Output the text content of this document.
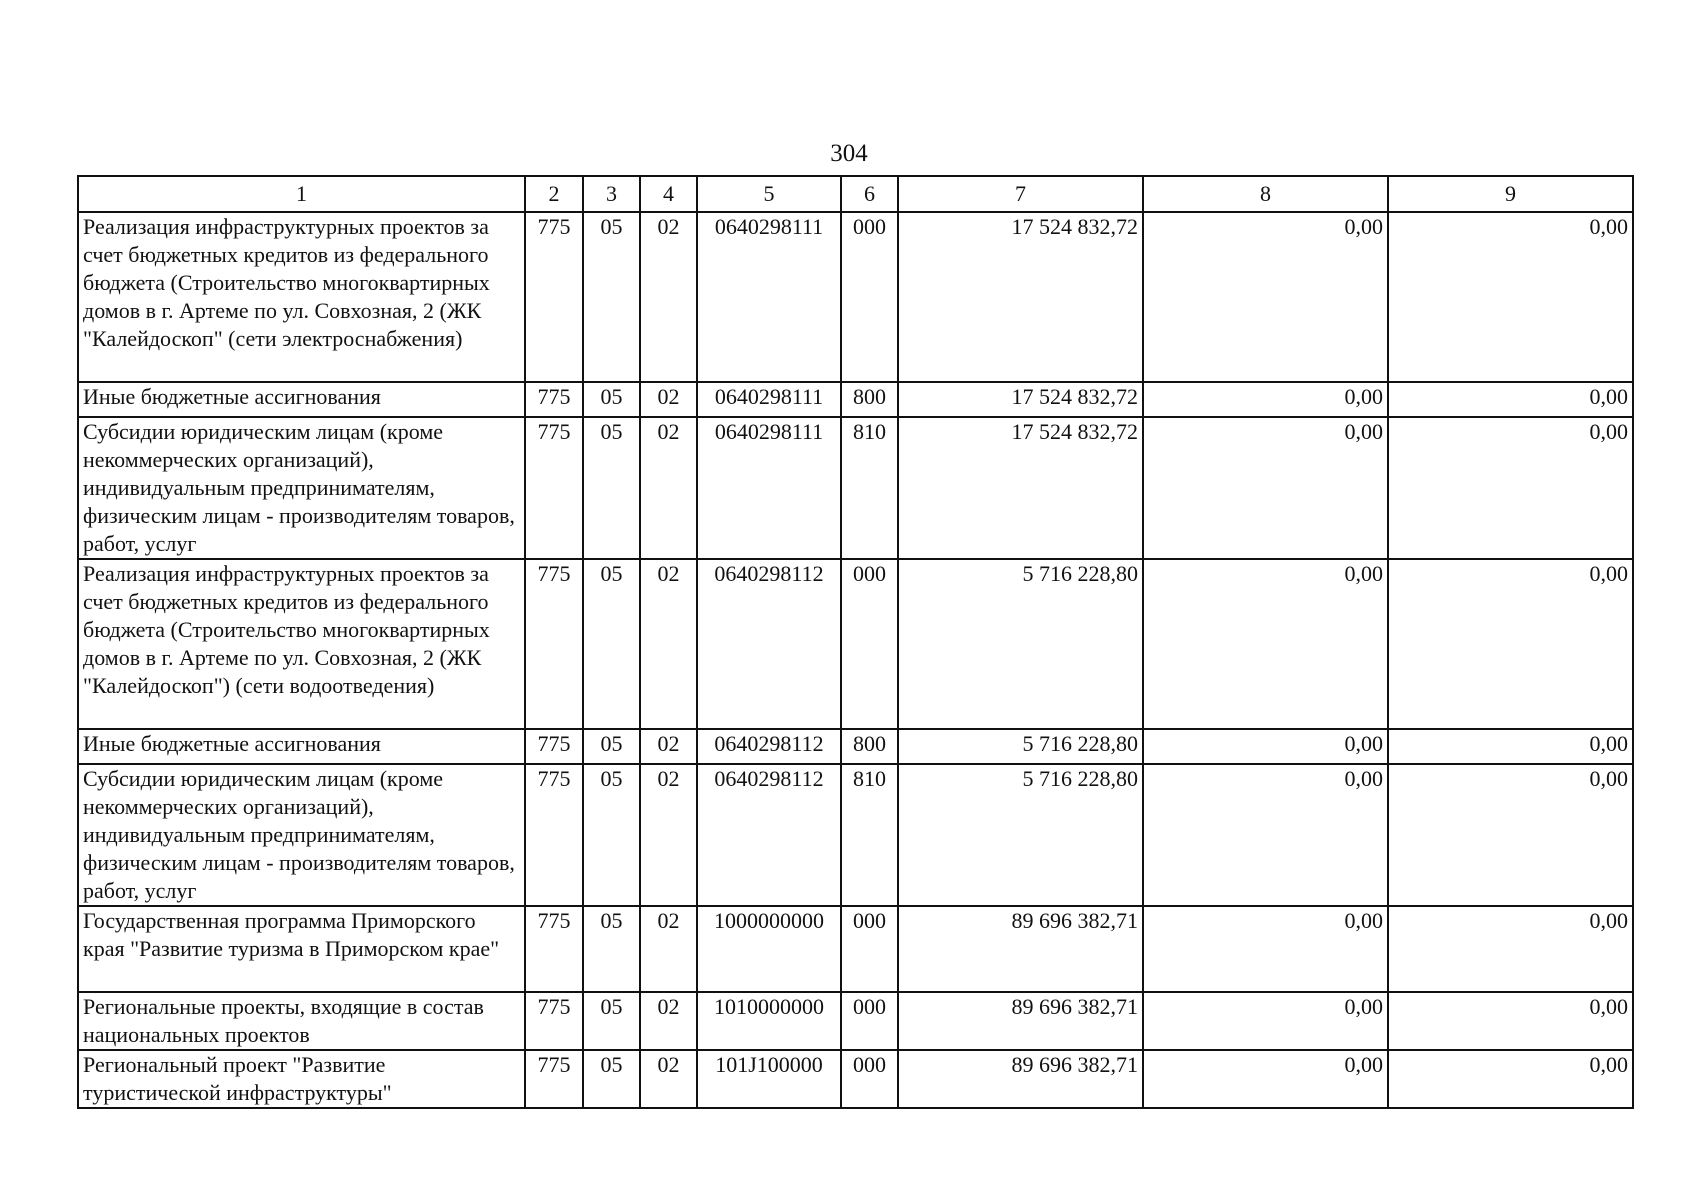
304
1	2	3	4	5	6	7	8	9
Реализация инфраструктурных проектов за счет бюджетных кредитов из федерального бюджета (Строительство многоквартирных домов в г. Артеме по ул. Совхозная, 2 (ЖК "Калейдоскоп" (сети электроснабжения)	775	05	02	0640298111	000	17 524 832,72	0,00	0,00
Иные бюджетные ассигнования	775	05	02	0640298111	800	17 524 832,72	0,00	0,00
Субсидии юридическим лицам (кроме некоммерческих организаций), индивидуальным предпринимателям, физическим лицам - производителям товаров, работ, услуг	775	05	02	0640298111	810	17 524 832,72	0,00	0,00
Реализация инфраструктурных проектов за счет бюджетных кредитов из федерального бюджета (Строительство многоквартирных домов в г. Артеме по ул. Совхозная, 2 (ЖК "Калейдоскоп") (сети водоотведения)	775	05	02	0640298112	000	5 716 228,80	0,00	0,00
Иные бюджетные ассигнования	775	05	02	0640298112	800	5 716 228,80	0,00	0,00
Субсидии юридическим лицам (кроме некоммерческих организаций), индивидуальным предпринимателям, физическим лицам - производителям товаров, работ, услуг	775	05	02	0640298112	810	5 716 228,80	0,00	0,00
Государственная программа Приморского края "Развитие туризма в Приморском крае"	775	05	02	1000000000	000	89 696 382,71	0,00	0,00
Региональные проекты, входящие в состав национальных проектов	775	05	02	1010000000	000	89 696 382,71	0,00	0,00
Региональный проект "Развитие туристической инфраструктуры"	775	05	02	101J100000	000	89 696 382,71	0,00	0,00
